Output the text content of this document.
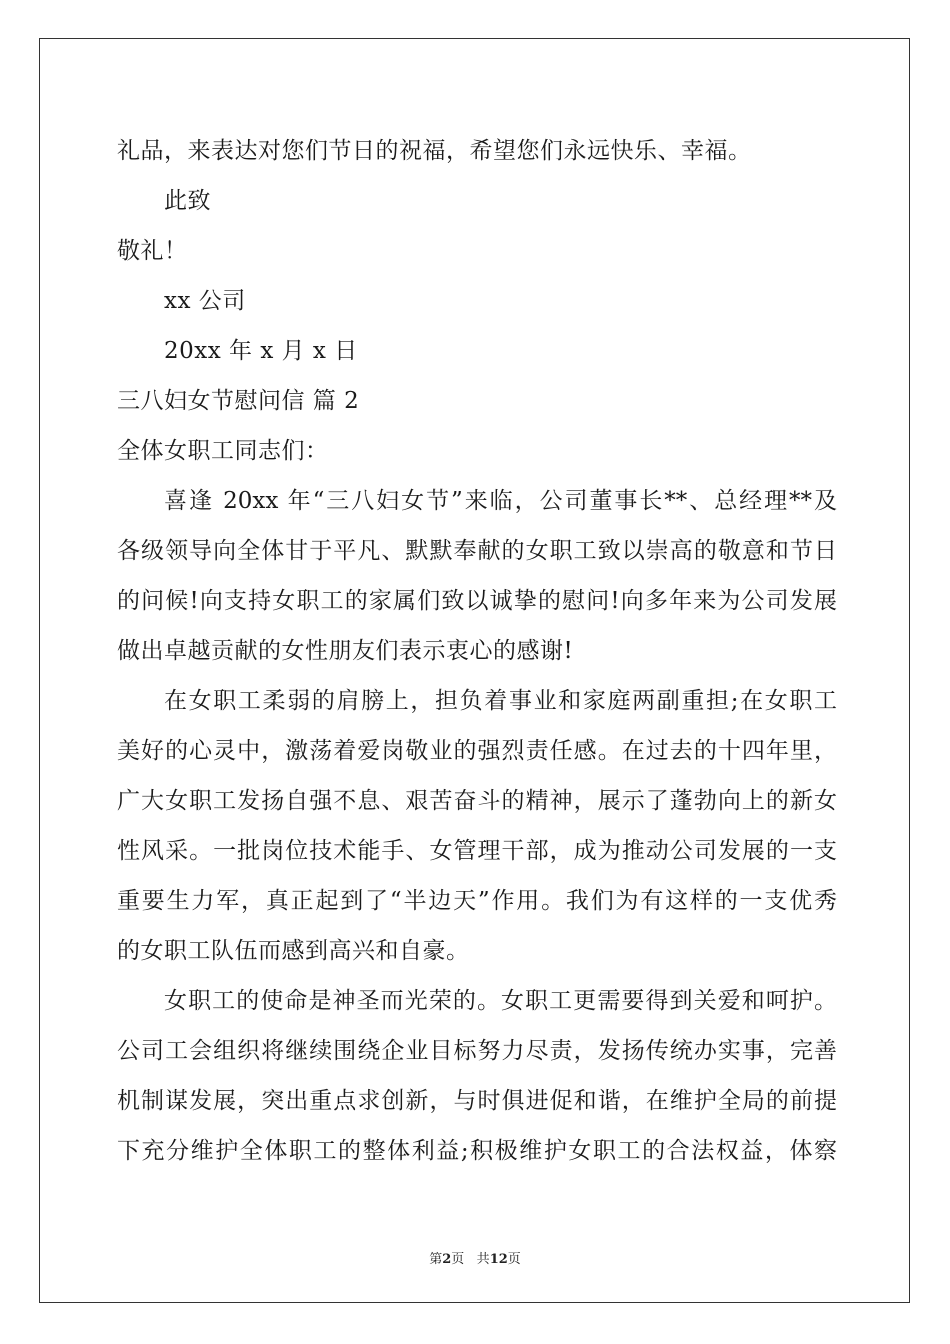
礼品，来表达对您们节日的祝福，希望您们永远快乐、幸福。
此致
敬礼！
xx 公司
20xx 年 x 月 x 日
三八妇女节慰问信 篇 2
全体女职工同志们：
喜逢 20xx 年“三八妇女节”来临，公司董事长**、总经理**及
各级领导向全体甘于平凡、默默奉献的女职工致以崇高的敬意和节日
的问候!向支持女职工的家属们致以诚挚的慰问!向多年来为公司发展
做出卓越贡献的女性朋友们表示衷心的感谢!
在女职工柔弱的肩膀上，担负着事业和家庭两副重担;在女职工
美好的心灵中，激荡着爱岗敬业的强烈责任感。在过去的十四年里，
广大女职工发扬自强不息、艰苦奋斗的精神，展示了蓬勃向上的新女
性风采。一批岗位技术能手、女管理干部，成为推动公司发展的一支
重要生力军，真正起到了“半边天”作用。我们为有这样的一支优秀
的女职工队伍而感到高兴和自豪。
女职工的使命是神圣而光荣的。女职工更需要得到关爱和呵护。
公司工会组织将继续围绕企业目标努力尽责，发扬传统办实事，完善
机制谋发展，突出重点求创新，与时俱进促和谐，在维护全局的前提
下充分维护全体职工的整体利益;积极维护女职工的合法权益，体察
第2页 共12页
